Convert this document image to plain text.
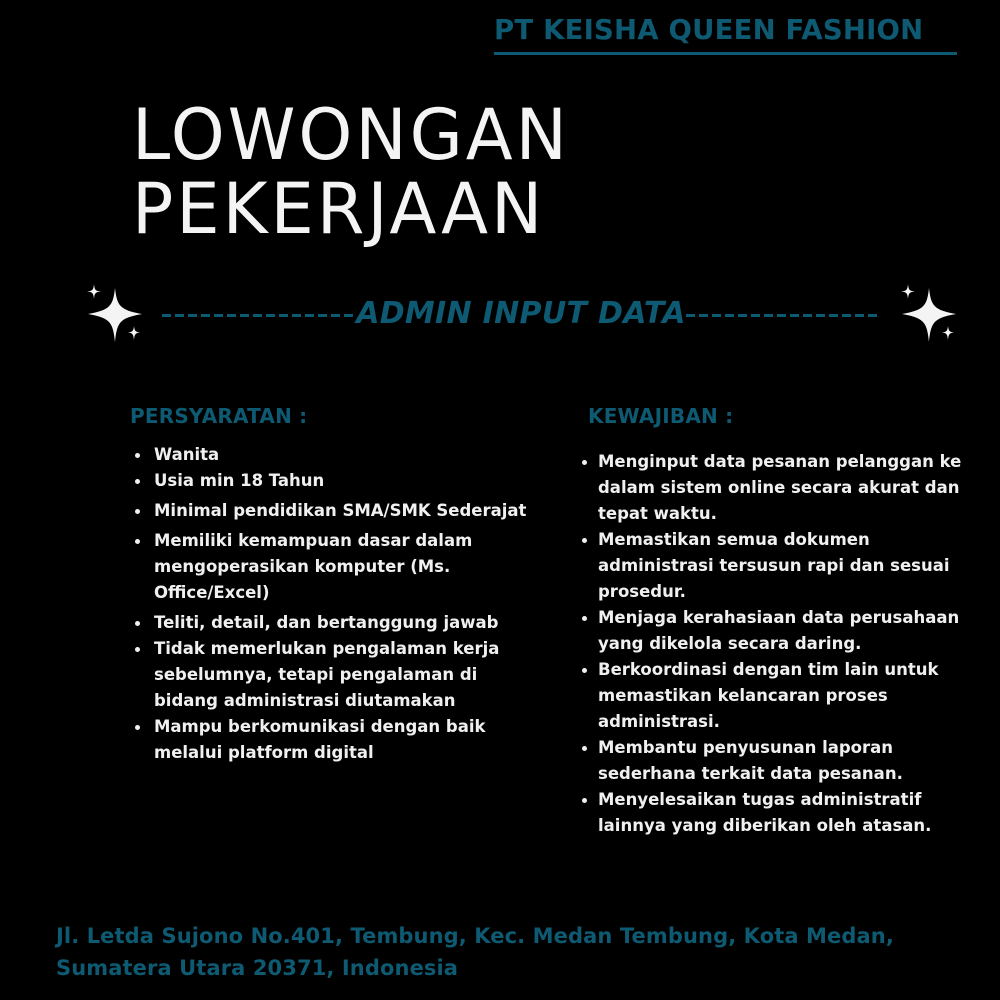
PT KEISHA QUEEN FASHION
LOWONGAN
PEKERJAAN
ADMIN INPUT DATA
PERSYARATAN :
Wanita
Usia min 18 Tahun
Minimal pendidikan SMA/SMK Sederajat
Memiliki kemampuan dasar dalam mengoperasikan komputer (Ms. Office/Excel)
Teliti, detail, dan bertanggung jawab
Tidak memerlukan pengalaman kerja sebelumnya, tetapi pengalaman di bidang administrasi diutamakan
Mampu berkomunikasi dengan baik melalui platform digital
KEWAJIBAN :
Menginput data pesanan pelanggan ke dalam sistem online secara akurat dan tepat waktu.
Memastikan semua dokumen administrasi tersusun rapi dan sesuai prosedur.
Menjaga kerahasiaan data perusahaan yang dikelola secara daring.
Berkoordinasi dengan tim lain untuk memastikan kelancaran proses administrasi.
Membantu penyusunan laporan sederhana terkait data pesanan.
Menyelesaikan tugas administratif lainnya yang diberikan oleh atasan.
Jl. Letda Sujono No.401, Tembung, Kec. Medan Tembung, Kota Medan,
Sumatera Utara 20371, Indonesia
